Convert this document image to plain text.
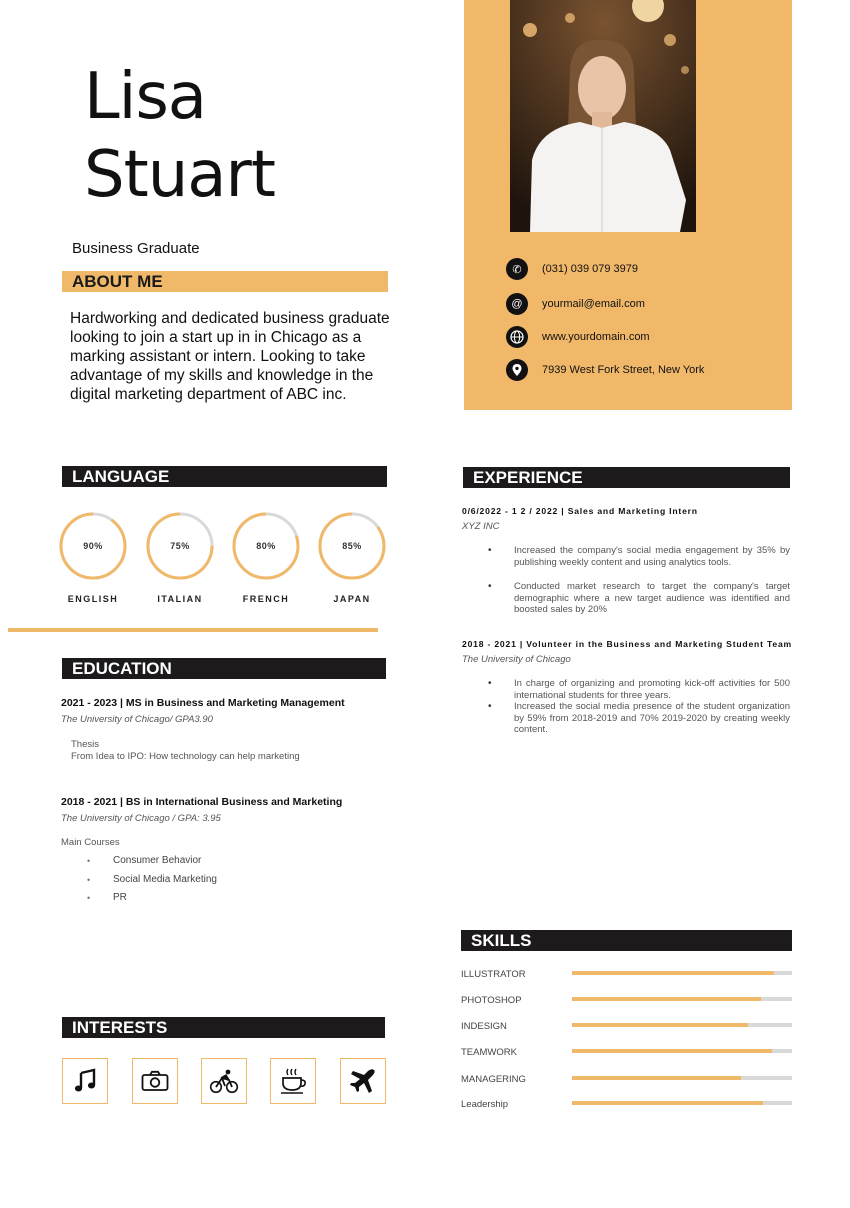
Lisa
Stuart
Business Graduate
ABOUT ME
Hardworking and dedicated business graduate looking to join a start up in in Chicago as a marking assistant or intern. Looking to take advantage of my skills and knowledge in the digital marketing department of ABC inc.
✆	(031) 039 079 3979
@	yourmail@email.com
www.yourdomain.com
7939 West Fork Street, New York
LANGUAGE
90%
ENGLISH
75%
ITALIAN
80%
FRENCH
85%
JAPAN
EDUCATION
2021 - 2023 | MS in Business and Marketing Management
The University of Chicago/ GPA3.90
Thesis
From Idea to IPO: How technology can help marketing
2018 - 2021 | BS in International Business and Marketing
The University of Chicago / GPA: 3.95
Main Courses
• Consumer Behavior
• Social Media Marketing
• PR
EXPERIENCE
0/6/2022 - 1 2 / 2022 | Sales and Marketing Intern
XYZ INC
• Increased the company's social media engagement by 35% by publishing weekly content and using analytics tools.
• Conducted market research to target the company's target demographic where a new target audience was identified and boosted sales by 20%
2018 - 2021 | Volunteer in the Business and Marketing Student Team
The University of Chicago
• In charge of organizing and promoting kick-off activities for 500 international students for three years.
• Increased the social media presence of the student organization by 59% from 2018-2019 and 70% 2019-2020 by creating weekly content.
SKILLS
ILLUSTRATOR
PHOTOSHOP
INDESIGN
TEAMWORK
MANAGERING
Leadership
INTERESTS
